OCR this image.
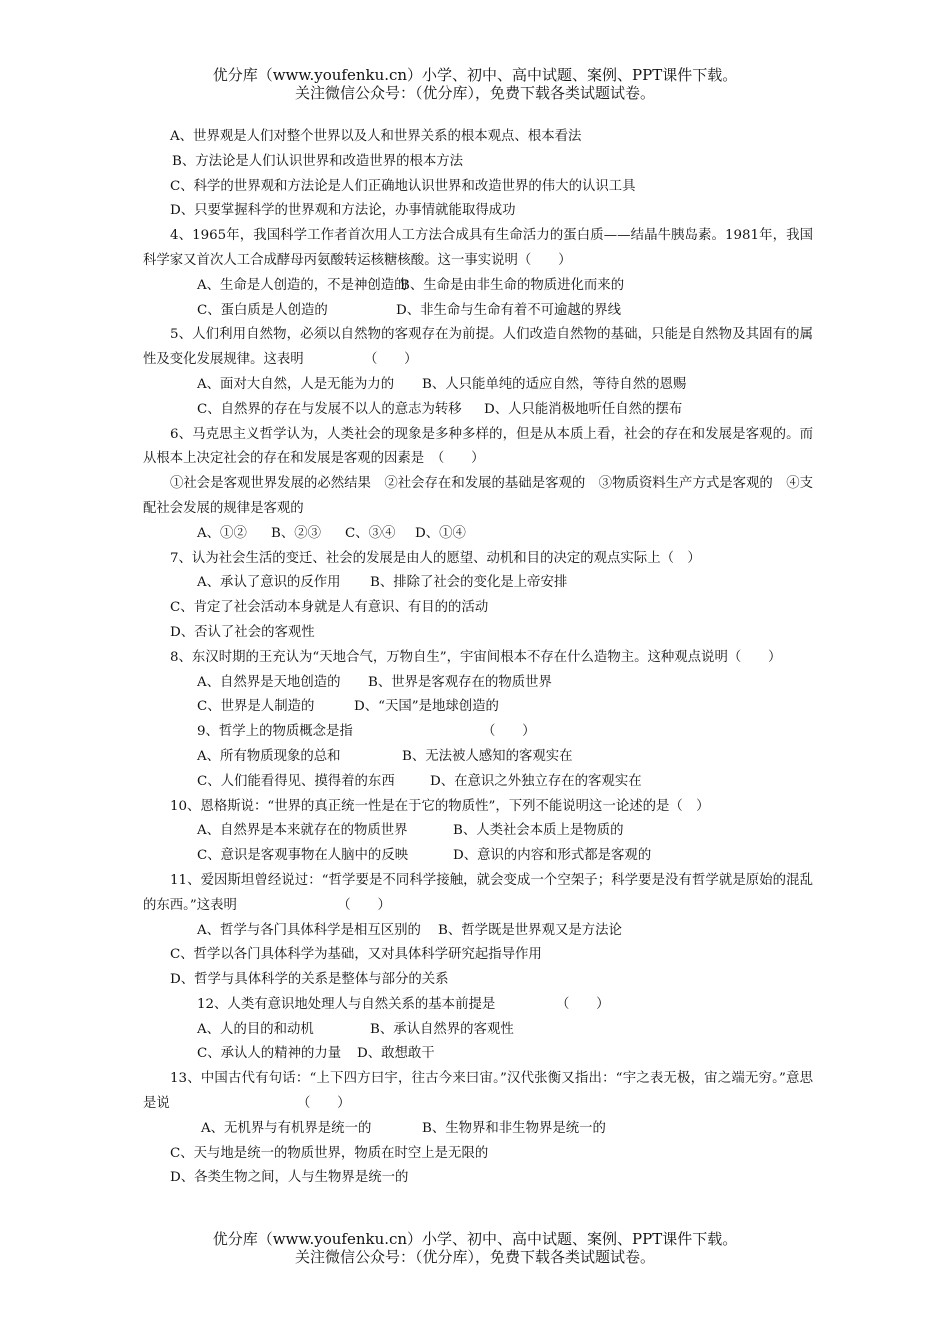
优分库（www.youfenku.cn）小学、初中、高中试题、案例、PPT课件下载。
关注微信公众号：（优分库），免费下载各类试题试卷。

A、世界观是人们对整个世界以及人和世界关系的根本观点、根本看法

B、方法论是人们认识世界和改造世界的根本方法

C、科学的世界观和方法论是人们正确地认识世界和改造世界的伟大的认识工具

D、只要掌握科学的世界观和方法论，办事情就能取得成功

4、1965年，我国科学工作者首次用人工方法合成具有生命活力的蛋白质——结晶牛胰岛素。1981年，我国科学家又首次人工合成酵母丙氨酸转运核糖核酸。这一事实说明（　　）

A、生命是人创造的，不是神创造的B、生命是由非生命的物质进化而来的

C、蛋白质是人创造的	D、非生命与生命有着不可逾越的界线

5、人们利用自然物，必须以自然物的客观存在为前提。人们改造自然物的基础，只能是自然物及其固有的属性及变化发展规律。这表明　　　　　（　　）

A、面对大自然，人是无能为力的 B、人只能单纯的适应自然，等待自然的恩赐

C、自然界的存在与发展不以人的意志为转移 D、人只能消极地听任自然的摆布

6、马克思主义哲学认为，人类社会的现象是多种多样的，但是从本质上看，社会的存在和发展是客观的。而从根本上决定社会的存在和发展是客观的因素是　（　　）

①社会是客观世界发展的必然结果　②社会存在和发展的基础是客观的　③物质资料生产方式是客观的　④支配社会发展的规律是客观的

A、①② B、②③ C、③④ D、①④

7、认为社会生活的变迁、社会的发展是由人的愿望、动机和目的决定的观点实际上（　）

A、承认了意识的反作用 B、排除了社会的变化是上帝安排

C、肯定了社会活动本身就是人有意识、有目的的活动

D、否认了社会的客观性

8、东汉时期的王充认为“天地合气，万物自生”，宇宙间根本不存在什么造物主。这种观点说明（　　）

A、自然界是天地创造的 B、世界是客观存在的物质世界

C、世界是人制造的	D、“天国”是地球创造的

9、哲学上的物质概念是指	（　　）

A、所有物质现象的总和	B、无法被人感知的客观实在

C、人们能看得见、摸得着的东西	D、在意识之外独立存在的客观实在

10、恩格斯说：“世界的真正统一性是在于它的物质性”，下列不能说明这一论述的是（　）

A、自然界是本来就存在的物质世界	B、人类社会本质上是物质的

C、意识是客观事物在人脑中的反映	D、意识的内容和形式都是客观的

11、爱因斯坦曾经说过：“哲学要是不同科学接触，就会变成一个空架子；科学要是没有哲学就是原始的混乱的东西。”这表明　　　　　　　　（　　）

A、哲学与各门具体科学是相互区别的 B、哲学既是世界观又是方法论

C、哲学以各门具体科学为基础，又对具体科学研究起指导作用

D、哲学与具体科学的关系是整体与部分的关系

12、人类有意识地处理人与自然关系的基本前提是	（　　）

A、人的目的和动机	B、承认自然界的客观性

C、承认人的精神的力量 D、敢想敢干

13、中国古代有句话：“上下四方曰宇，往古今来曰宙。”汉代张衡又指出：“宇之表无极，宙之端无穷。”意思是说　　　　　　　　　　（　　）

A、无机界与有机界是统一的	B、生物界和非生物界是统一的

C、天与地是统一的物质世界，物质在时空上是无限的

D、各类生物之间，人与生物界是统一的

优分库（www.youfenku.cn）小学、初中、高中试题、案例、PPT课件下载。
关注微信公众号：（优分库），免费下载各类试题试卷。
